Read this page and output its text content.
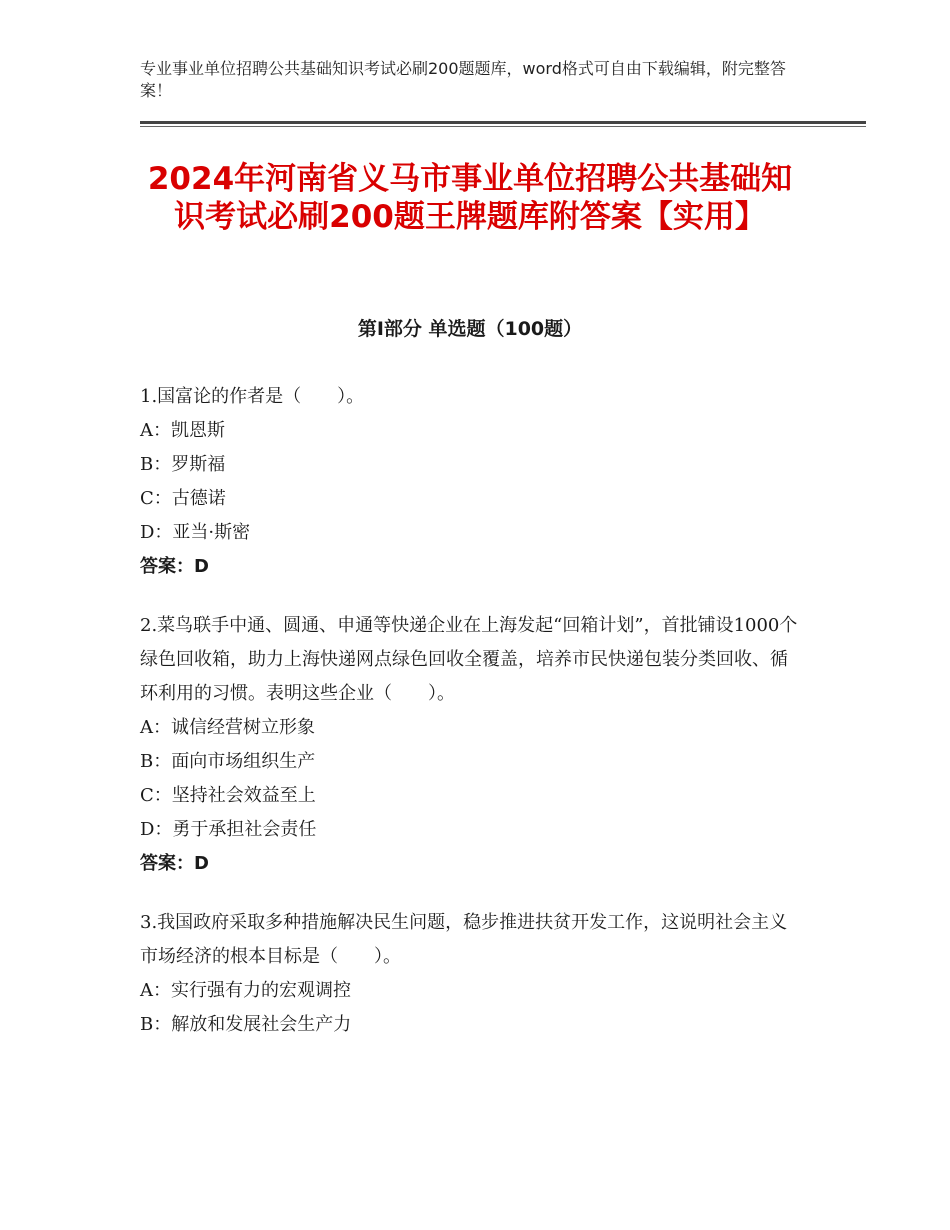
专业事业单位招聘公共基础知识考试必刷200题题库，word格式可自由下载编辑，附完整答案！
2024年河南省义马市事业单位招聘公共基础知识考试必刷200题王牌题库附答案【实用】
第Ⅰ部分 单选题（100题）
1.国富论的作者是（　　）。
A：凯恩斯
B：罗斯福
C：古德诺
D：亚当·斯密
答案：D
2.菜鸟联手中通、圆通、申通等快递企业在上海发起“回箱计划”，首批铺设1000个绿色回收箱，助力上海快递网点绿色回收全覆盖，培养市民快递包装分类回收、循环利用的习惯。表明这些企业（　　）。
A：诚信经营树立形象
B：面向市场组织生产
C：坚持社会效益至上
D：勇于承担社会责任
答案：D
3.我国政府采取多种措施解决民生问题，稳步推进扶贫开发工作，这说明社会主义市场经济的根本目标是（　　）。
A：实行强有力的宏观调控
B：解放和发展社会生产力
